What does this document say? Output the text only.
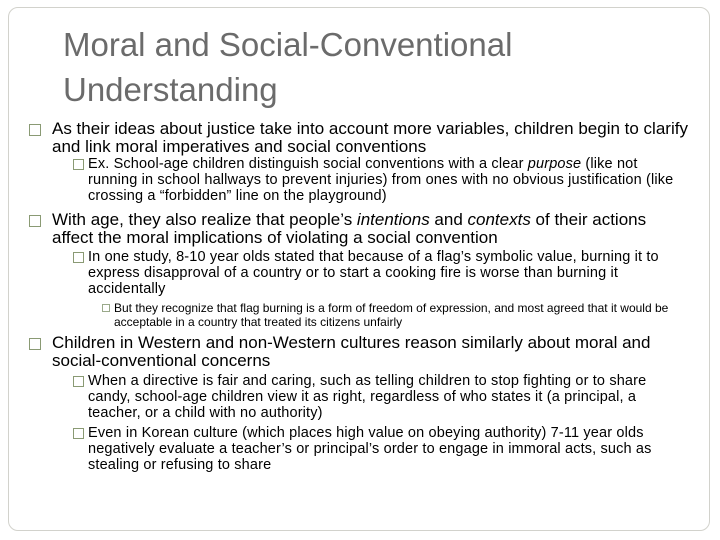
Moral and Social-Conventional Understanding
As their ideas about justice take into account more variables, children begin to clarify and link moral imperatives and social conventions
Ex. School-age children distinguish social conventions with a clear purpose (like not running in school hallways to prevent injuries) from ones with no obvious justification (like crossing a “forbidden” line on the playground)
With age, they also realize that people’s intentions and contexts of their actions affect the moral implications of violating a social convention
In one study, 8-10 year olds stated that because of a flag’s symbolic value, burning it to express disapproval of a country or to start a cooking fire is worse than burning it accidentally
But they recognize that flag burning is a form of freedom of expression, and most agreed that it would be acceptable in a country that treated its citizens unfairly
Children in Western and non-Western cultures reason similarly about moral and social-conventional concerns
When a directive is fair and caring, such as telling children to stop fighting or to share candy, school-age children view it as right, regardless of who states it (a principal, a teacher, or a child with no authority)
Even in Korean culture (which places high value on obeying authority) 7-11 year olds negatively evaluate a teacher’s or principal’s order to engage in immoral acts, such as stealing or refusing to share
